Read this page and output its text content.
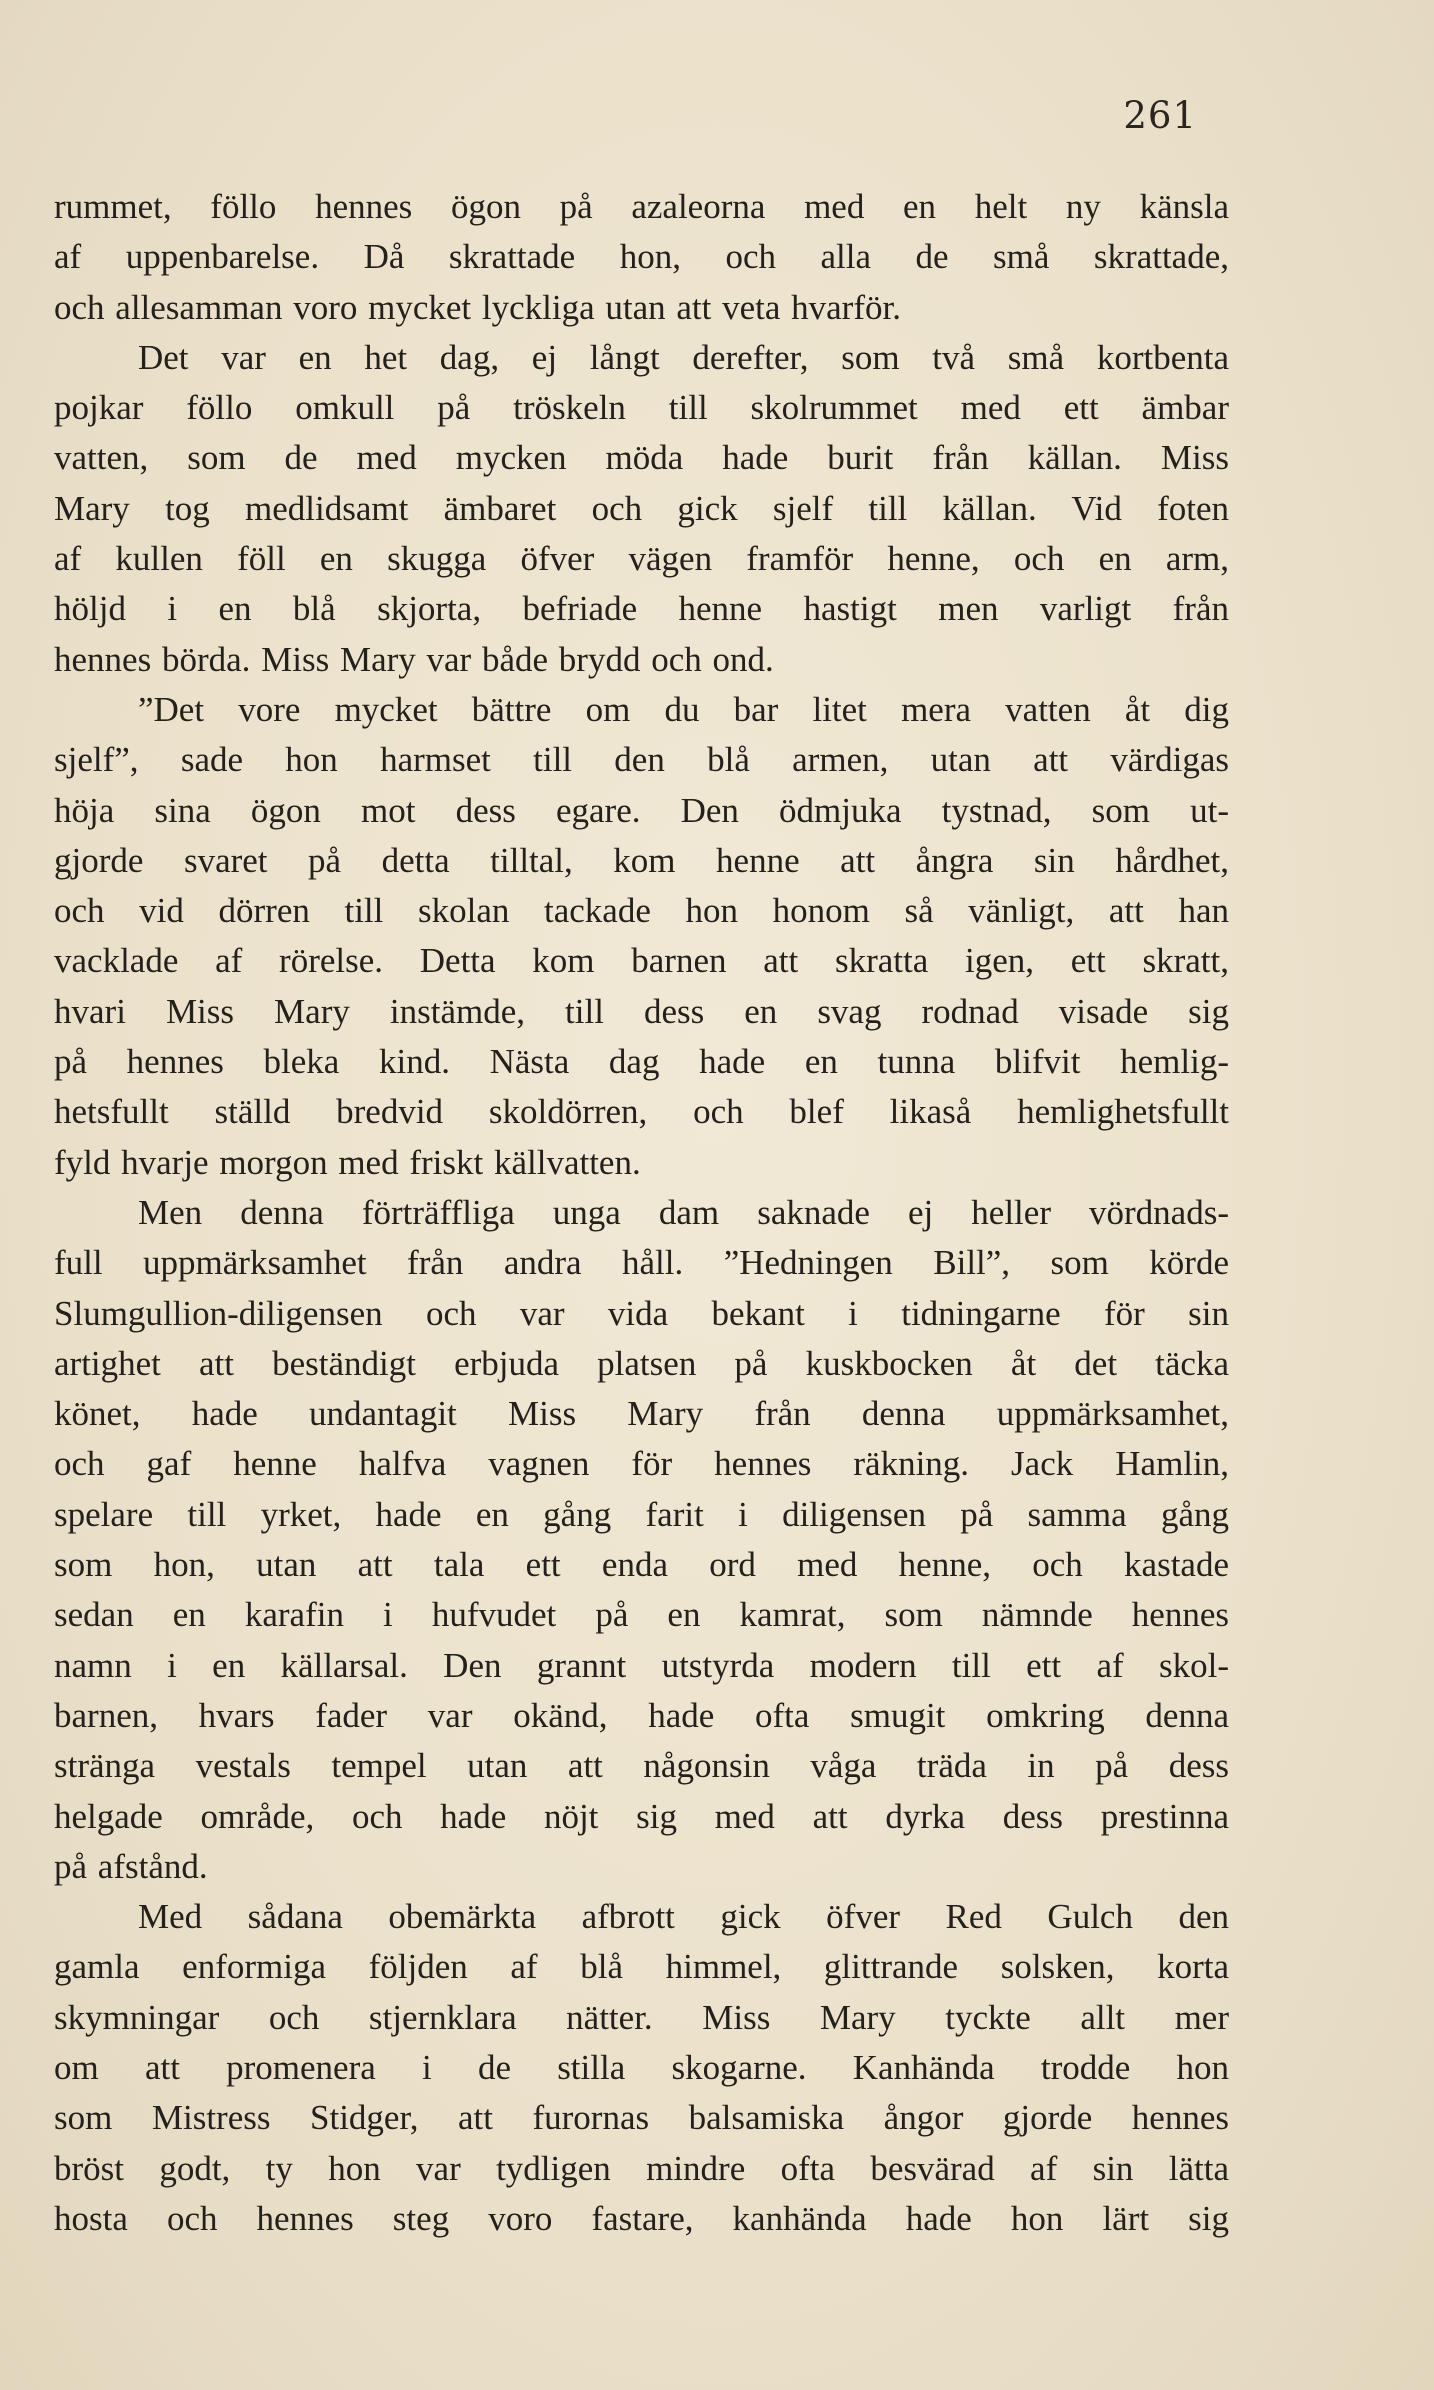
261
rummet, föllo hennes ögon på azaleorna med en helt ny känsla
af uppenbarelse. Då skrattade hon, och alla de små skrattade,
och allesamman voro mycket lyckliga utan att veta hvarför.
Det var en het dag, ej långt derefter, som två små kortbenta
pojkar föllo omkull på tröskeln till skolrummet med ett ämbar
vatten, som de med mycken möda hade burit från källan. Miss
Mary tog medlidsamt ämbaret och gick sjelf till källan. Vid foten
af kullen föll en skugga öfver vägen framför henne, och en arm,
höljd i en blå skjorta, befriade henne hastigt men varligt från
hennes börda. Miss Mary var både brydd och ond.
”Det vore mycket bättre om du bar litet mera vatten åt dig
sjelf”, sade hon harmset till den blå armen, utan att värdigas
höja sina ögon mot dess egare. Den ödmjuka tystnad, som ut-
gjorde svaret på detta tilltal, kom henne att ångra sin hårdhet,
och vid dörren till skolan tackade hon honom så vänligt, att han
vacklade af rörelse. Detta kom barnen att skratta igen, ett skratt,
hvari Miss Mary instämde, till dess en svag rodnad visade sig
på hennes bleka kind. Nästa dag hade en tunna blifvit hemlig-
hetsfullt ställd bredvid skoldörren, och blef likaså hemlighetsfullt
fyld hvarje morgon med friskt källvatten.
Men denna förträffliga unga dam saknade ej heller vördnads-
full uppmärksamhet från andra håll. ”Hedningen Bill”, som körde
Slumgullion-diligensen och var vida bekant i tidningarne för sin
artighet att beständigt erbjuda platsen på kuskbocken åt det täcka
könet, hade undantagit Miss Mary från denna uppmärksamhet,
och gaf henne halfva vagnen för hennes räkning. Jack Hamlin,
spelare till yrket, hade en gång farit i diligensen på samma gång
som hon, utan att tala ett enda ord med henne, och kastade
sedan en karafin i hufvudet på en kamrat, som nämnde hennes
namn i en källarsal. Den grannt utstyrda modern till ett af skol-
barnen, hvars fader var okänd, hade ofta smugit omkring denna
stränga vestals tempel utan att någonsin våga träda in på dess
helgade område, och hade nöjt sig med att dyrka dess prestinna
på afstånd.
Med sådana obemärkta afbrott gick öfver Red Gulch den
gamla enformiga följden af blå himmel, glittrande solsken, korta
skymningar och stjernklara nätter. Miss Mary tyckte allt mer
om att promenera i de stilla skogarne. Kanhända trodde hon
som Mistress Stidger, att furornas balsamiska ångor gjorde hennes
bröst godt, ty hon var tydligen mindre ofta besvärad af sin lätta
hosta och hennes steg voro fastare, kanhända hade hon lärt sig
